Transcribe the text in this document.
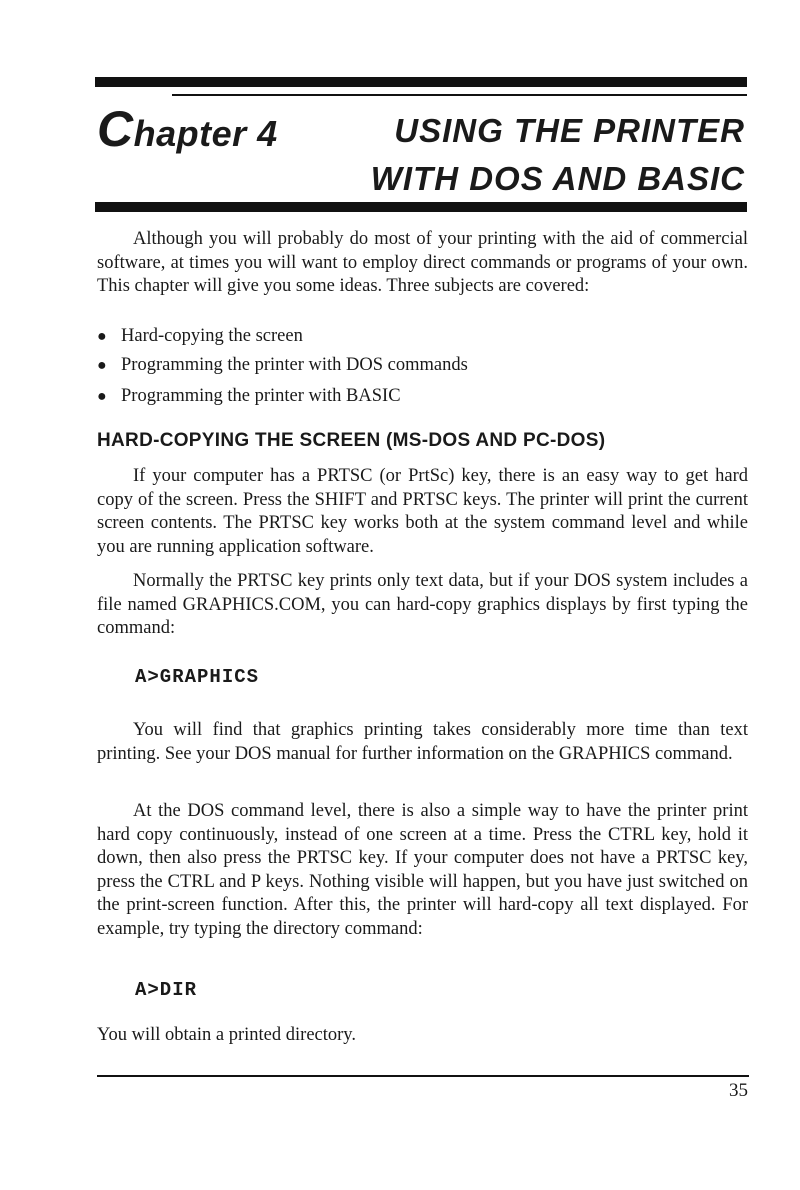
Chapter 4	USING THE PRINTER
WITH DOS AND BASIC

Although you will probably do most of your printing with the aid of commercial software, at times you will want to employ direct commands or programs of your own. This chapter will give you some ideas. Three subjects are covered:

● Hard-copying the screen
● Programming the printer with DOS commands
● Programming the printer with BASIC
HARD-COPYING THE SCREEN (MS-DOS AND PC-DOS)

If your computer has a PRTSC (or PrtSc) key, there is an easy way to get hard copy of the screen. Press the SHIFT and PRTSC keys. The printer will print the current screen contents. The PRTSC key works both at the system command level and while you are running application software.

Normally the PRTSC key prints only text data, but if your DOS system includes a file named GRAPHICS.COM, you can hard-copy graphics displays by first typing the command:

A>GRAPHICS

You will find that graphics printing takes considerably more time than text printing. See your DOS manual for further information on the GRAPHICS command.

At the DOS command level, there is also a simple way to have the printer print hard copy continuously, instead of one screen at a time. Press the CTRL key, hold it down, then also press the PRTSC key. If your computer does not have a PRTSC key, press the CTRL and P keys. Nothing visible will happen, but you have just switched on the print-screen function. After this, the printer will hard-copy all text displayed. For example, try typing the directory command:

A>DIR

You will obtain a printed directory.

35
